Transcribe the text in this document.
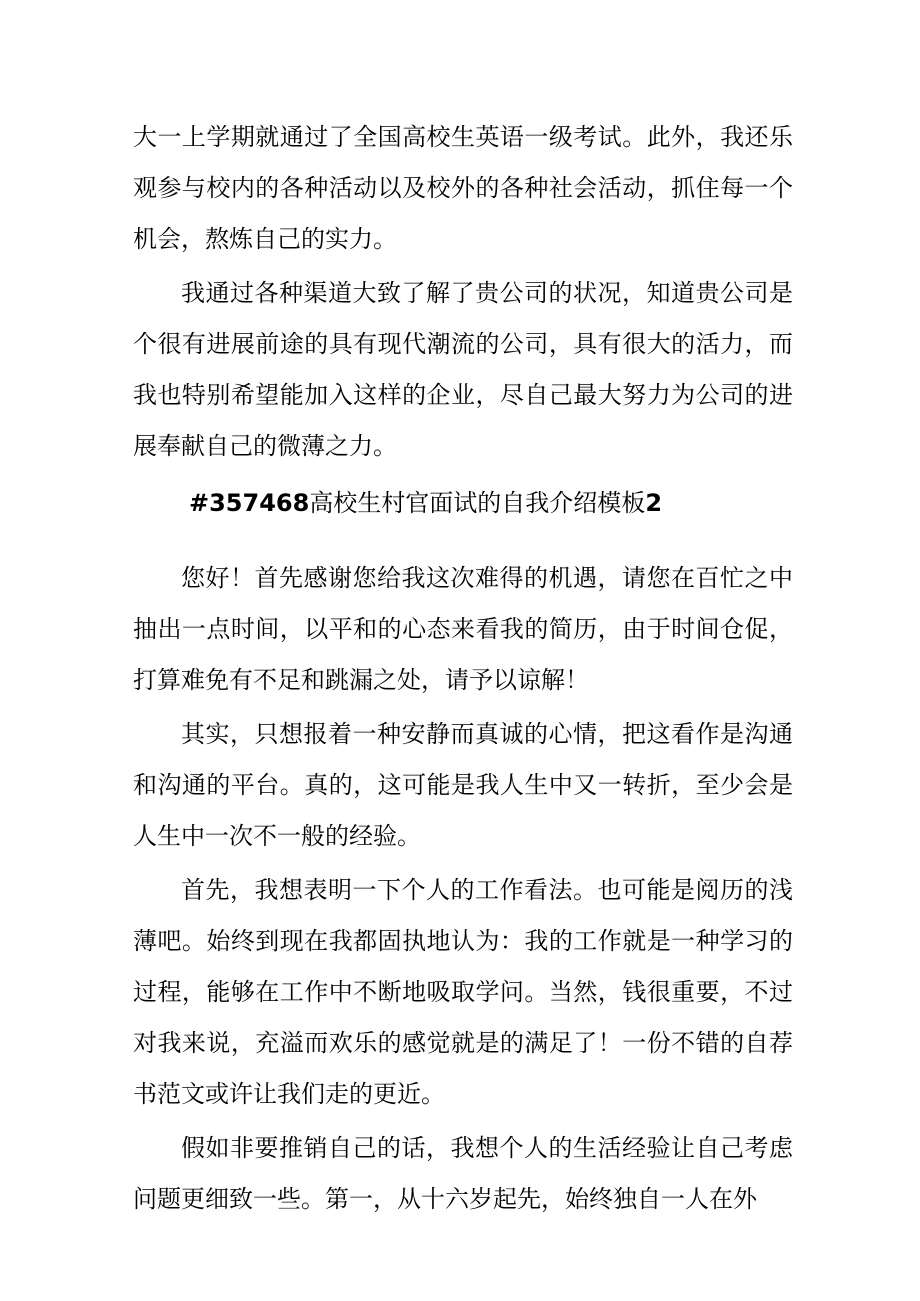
大一上学期就通过了全国高校生英语一级考试。此外，我还乐观参与校内的各种活动以及校外的各种社会活动，抓住每一个机会，熬炼自己的实力。

我通过各种渠道大致了解了贵公司的状况，知道贵公司是个很有进展前途的具有现代潮流的公司，具有很大的活力，而我也特别希望能加入这样的企业，尽自己最大努力为公司的进展奉献自己的微薄之力。

#357468高校生村官面试的自我介绍模板2

您好！首先感谢您给我这次难得的机遇，请您在百忙之中抽出一点时间，以平和的心态来看我的简历，由于时间仓促，打算难免有不足和跳漏之处，请予以谅解！

其实，只想报着一种安静而真诚的心情，把这看作是沟通和沟通的平台。真的，这可能是我人生中又一转折，至少会是人生中一次不一般的经验。

首先，我想表明一下个人的工作看法。也可能是阅历的浅薄吧。始终到现在我都固执地认为：我的工作就是一种学习的过程，能够在工作中不断地吸取学问。当然，钱很重要，不过对我来说，充溢而欢乐的感觉就是的满足了！一份不错的自荐书范文或许让我们走的更近。

假如非要推销自己的话，我想个人的生活经验让自己考虑问题更细致一些。第一，从十六岁起先，始终独自一人在外
